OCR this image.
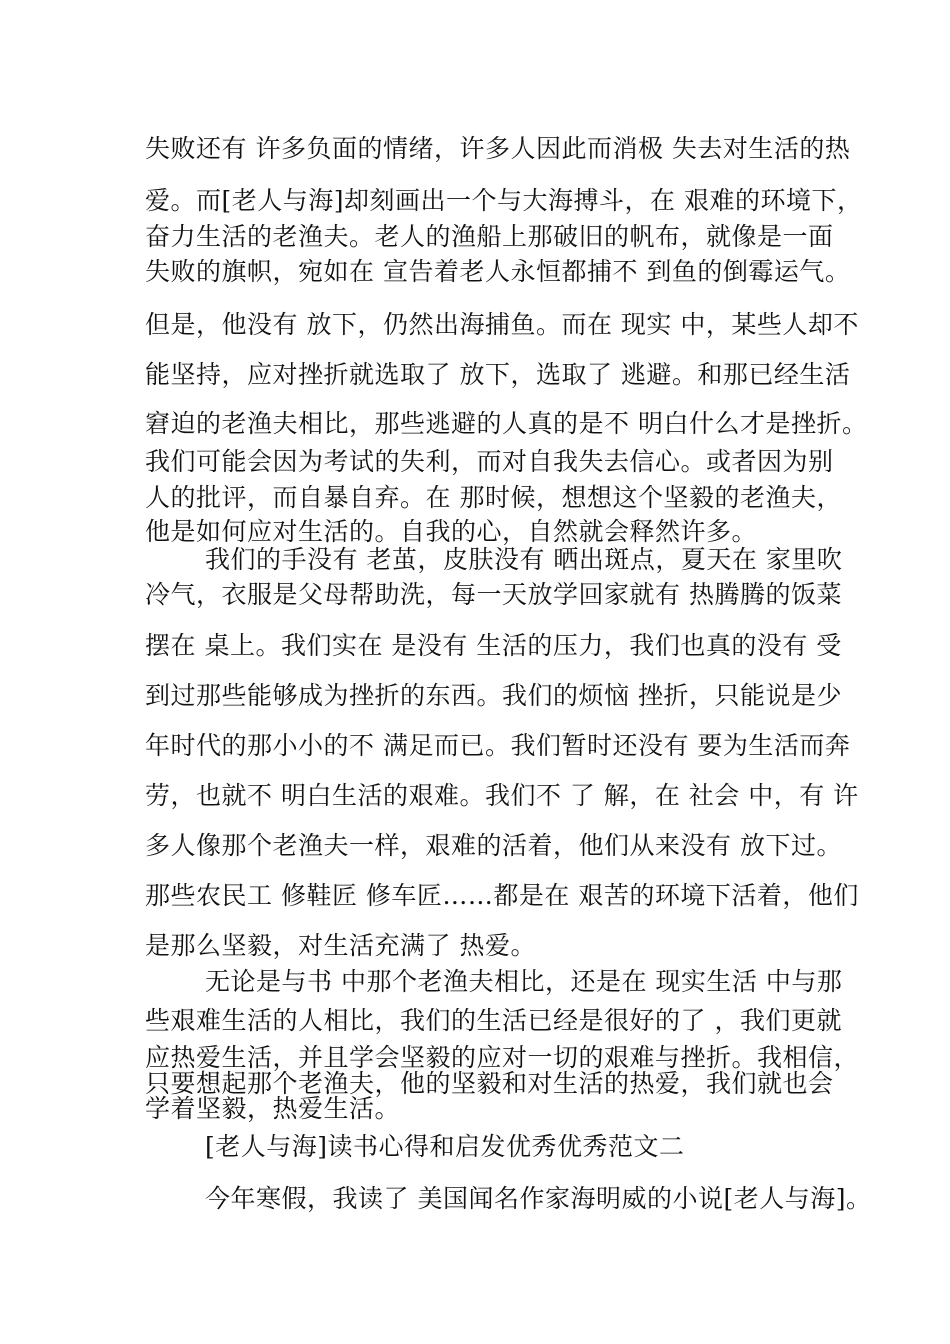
失败还有 许多负面的情绪，许多人因此而消极 失去对生活的热
爱。而[老人与海]却刻画出一个与大海搏斗，在 艰难的环境下，
奋力生活的老渔夫。老人的渔船上那破旧的帆布，就像是一面
失败的旗帜，宛如在 宣告着老人永恒都捕不 到鱼的倒霉运气。
但是，他没有 放下，仍然出海捕鱼。而在 现实 中，某些人却不
能坚持，应对挫折就选取了 放下，选取了 逃避。和那已经生活
窘迫的老渔夫相比，那些逃避的人真的是不 明白什么才是挫折。
我们可能会因为考试的失利，而对自我失去信心。或者因为别
人的批评，而自暴自弃。在 那时候，想想这个坚毅的老渔夫，
他是如何应对生活的。自我的心，自然就会释然许多。
我们的手没有 老茧，皮肤没有 晒出斑点，夏天在 家里吹
冷气，衣服是父母帮助洗，每一天放学回家就有 热腾腾的饭菜
摆在 桌上。我们实在 是没有 生活的压力，我们也真的没有 受
到过那些能够成为挫折的东西。我们的烦恼 挫折，只能说是少
年时代的那小小的不 满足而已。我们暂时还没有 要为生活而奔
劳，也就不 明白生活的艰难。我们不 了 解，在 社会 中，有 许
多人像那个老渔夫一样，艰难的活着，他们从来没有 放下过。
那些农民工 修鞋匠 修车匠……都是在 艰苦的环境下活着，他们
是那么坚毅，对生活充满了 热爱。
无论是与书 中那个老渔夫相比，还是在 现实生活 中与那
些艰难生活的人相比，我们的生活已经是很好的了 ，我们更就
应热爱生活，并且学会坚毅的应对一切的艰难与挫折。我相信，
只要想起那个老渔夫，他的坚毅和对生活的热爱，我们就也会
学着坚毅，热爱生活。
[老人与海]读书心得和启发优秀优秀范文二
今年寒假，我读了 美国闻名作家海明威的小说[老人与海]。
